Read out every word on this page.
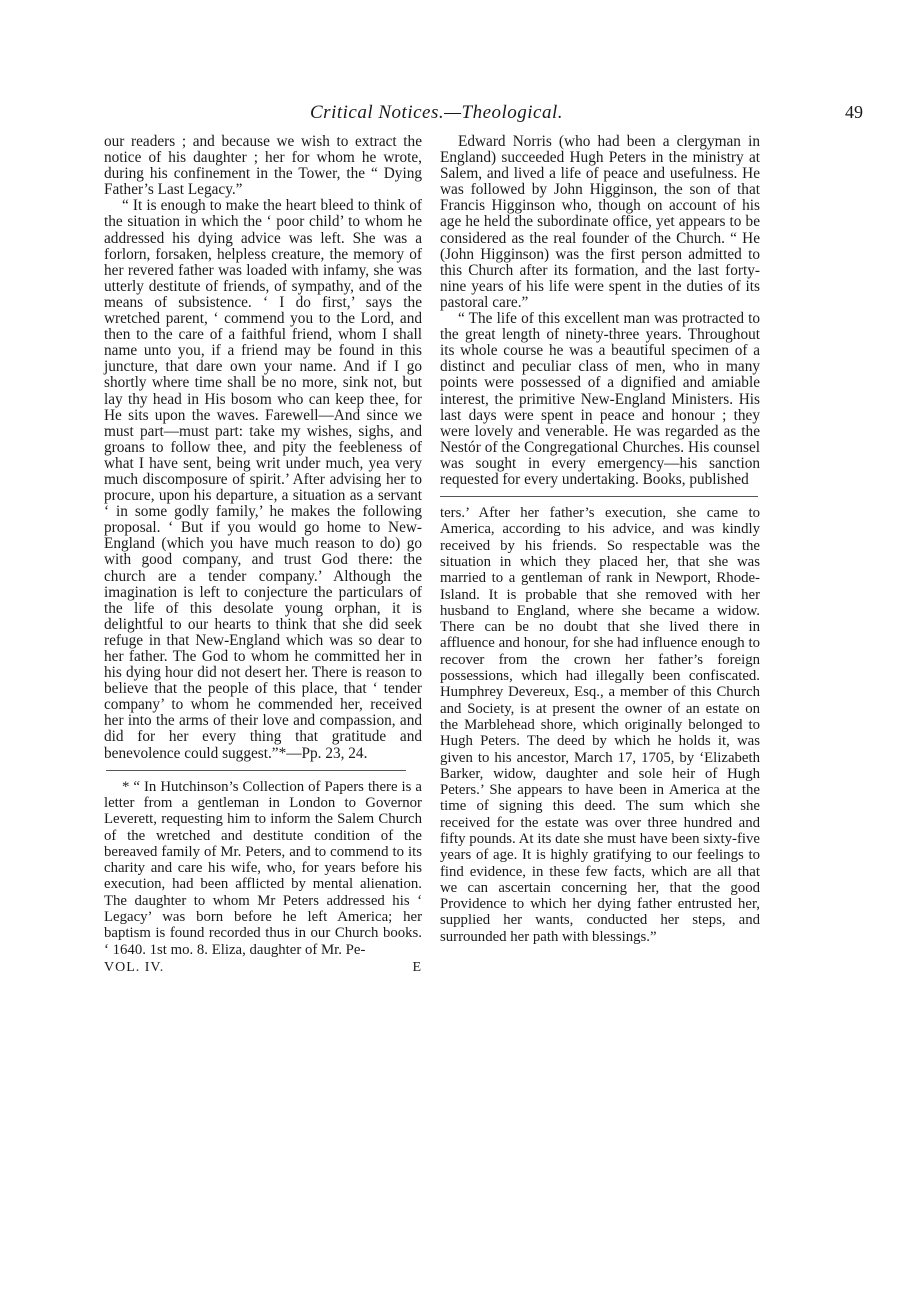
Critical Notices.—Theological.	49

our readers ; and because we wish to extract the notice of his daughter ; her for whom he wrote, during his confinement in the Tower, the “ Dying Father’s Last Legacy.”

“ It is enough to make the heart bleed to think of the situation in which the ‘ poor child’ to whom he addressed his dying advice was left. She was a forlorn, forsaken, helpless creature, the memory of her revered father was loaded with infamy, she was utterly destitute of friends, of sympathy, and of the means of subsistence. ‘ I do first,’ says the wretched parent, ‘ commend you to the Lord, and then to the care of a faithful friend, whom I shall name unto you, if a friend may be found in this juncture, that dare own your name. And if I go shortly where time shall be no more, sink not, but lay thy head in His bosom who can keep thee, for He sits upon the waves. Farewell—And since we must part—must part: take my wishes, sighs, and groans to follow thee, and pity the feebleness of what I have sent, being writ under much, yea very much discomposure of spirit.’ After advising her to procure, upon his departure, a situation as a servant ‘ in some godly family,’ he makes the following proposal. ‘ But if you would go home to New-England (which you have much reason to do) go with good company, and trust God there: the church are a tender company.’ Although the imagination is left to conjecture the particulars of the life of this desolate young orphan, it is delightful to our hearts to think that she did seek refuge in that New-England which was so dear to her father. The God to whom he committed her in his dying hour did not desert her. There is reason to believe that the people of this place, that ‘ tender company’ to whom he commended her, received her into the arms of their love and compassion, and did for her every thing that gratitude and benevolence could suggest.”*—Pp. 23, 24.

* “ In Hutchinson’s Collection of Papers there is a letter from a gentleman in London to Governor Leverett, requesting him to inform the Salem Church of the wretched and destitute condition of the bereaved family of Mr. Peters, and to commend to its charity and care his wife, who, for years before his execution, had been afflicted by mental alienation. The daughter to whom Mr Peters addressed his ‘ Legacy’ was born before he left America; her baptism is found recorded thus in our Church books. ‘ 1640. 1st mo. 8. Eliza, daughter of Mr. Pe-

VOL. IV.	E

Edward Norris (who had been a clergyman in England) succeeded Hugh Peters in the ministry at Salem, and lived a life of peace and usefulness. He was followed by John Higginson, the son of that Francis Higginson who, though on account of his age he held the subordinate office, yet appears to be considered as the real founder of the Church. “ He (John Higginson) was the first person admitted to this Church after its formation, and the last forty-nine years of his life were spent in the duties of its pastoral care.”

“ The life of this excellent man was protracted to the great length of ninety-three years. Throughout its whole course he was a beautiful specimen of a distinct and peculiar class of men, who in many points were possessed of a dignified and amiable interest, the primitive New-England Ministers. His last days were spent in peace and honour ; they were lovely and venerable. He was regarded as the Nestór of the Congregational Churches. His counsel was sought in every emergency—his sanction requested for every undertaking. Books, published

ters.’ After her father’s execution, she came to America, according to his advice, and was kindly received by his friends. So respectable was the situation in which they placed her, that she was married to a gentleman of rank in Newport, Rhode-Island. It is probable that she removed with her husband to England, where she became a widow. There can be no doubt that she lived there in affluence and honour, for she had influence enough to recover from the crown her father’s foreign possessions, which had illegally been confiscated. Humphrey Devereux, Esq., a member of this Church and Society, is at present the owner of an estate on the Marblehead shore, which originally belonged to Hugh Peters. The deed by which he holds it, was given to his ancestor, March 17, 1705, by ‘Elizabeth Barker, widow, daughter and sole heir of Hugh Peters.’ She appears to have been in America at the time of signing this deed. The sum which she received for the estate was over three hundred and fifty pounds. At its date she must have been sixty-five years of age. It is highly gratifying to our feelings to find evidence, in these few facts, which are all that we can ascertain concerning her, that the good Providence to which her dying father entrusted her, supplied her wants, conducted her steps, and surrounded her path with blessings.”
